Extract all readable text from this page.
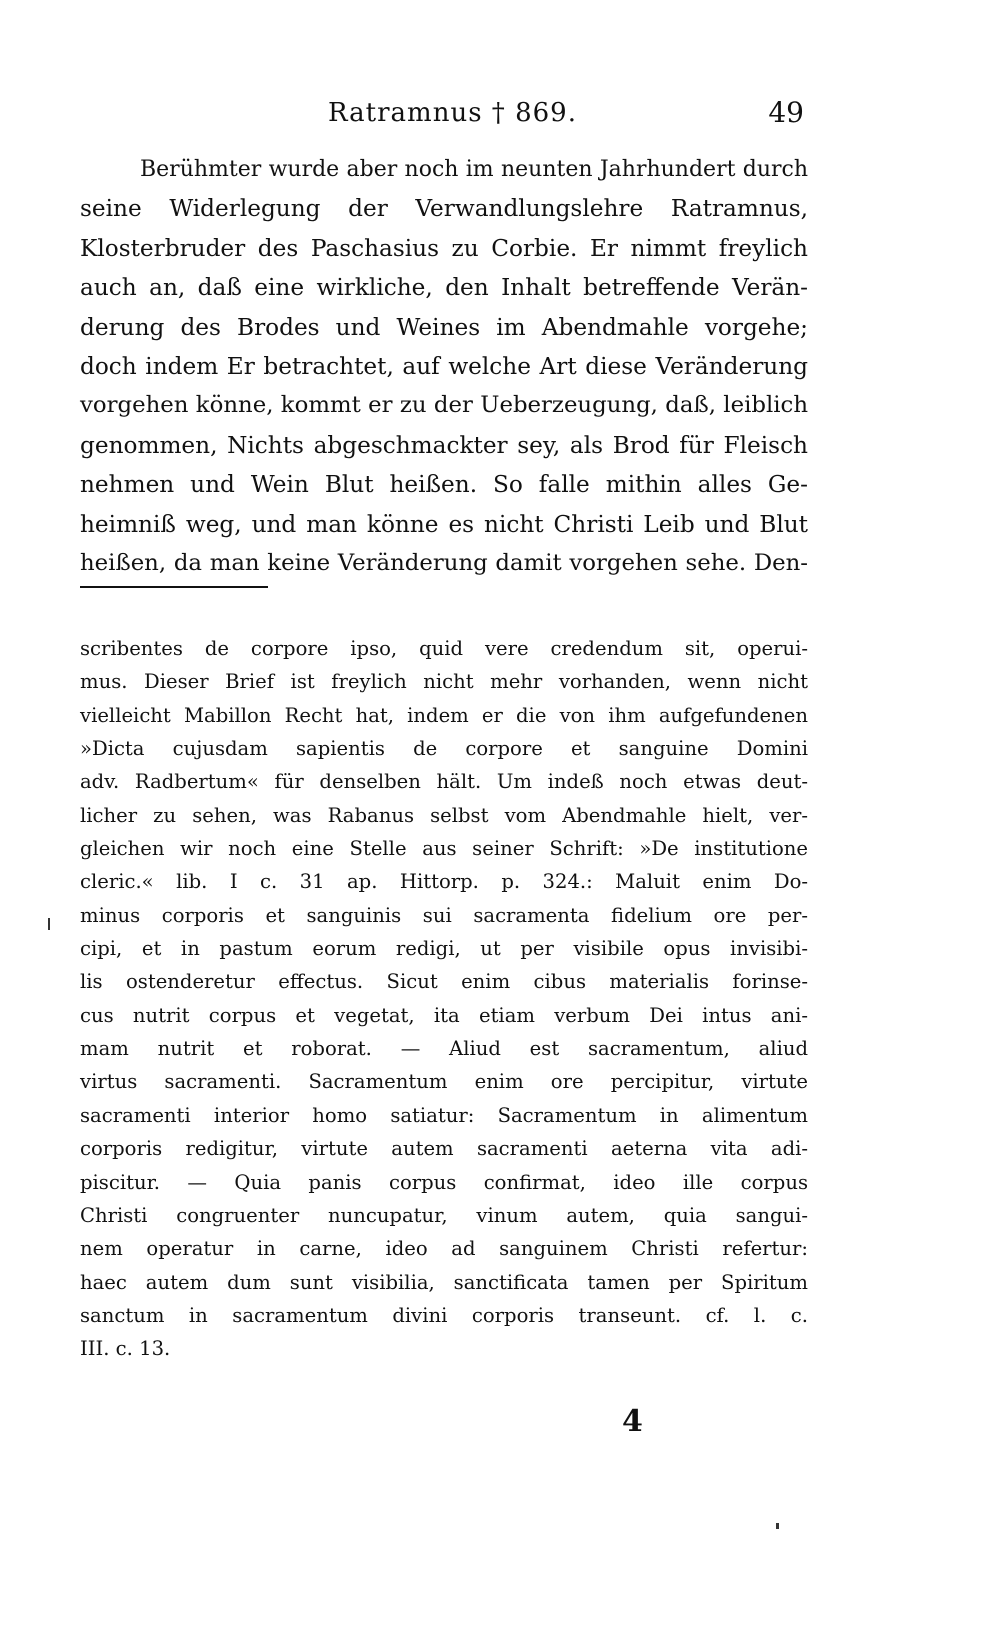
Ratramnus † 869.	49
Berühmter wurde aber noch im neunten Jahrhundert durch
seine Widerlegung der Verwandlungslehre Ratramnus,
Klosterbruder des Paschasius zu Corbie. Er nimmt freylich
auch an, daß eine wirkliche, den Inhalt betreffende Verän-
derung des Brodes und Weines im Abendmahle vorgehe;
doch indem Er betrachtet, auf welche Art diese Veränderung
vorgehen könne, kommt er zu der Ueberzeugung, daß, leiblich
genommen, Nichts abgeschmackter sey, als Brod für Fleisch
nehmen und Wein Blut heißen. So falle mithin alles Ge-
heimniß weg, und man könne es nicht Christi Leib und Blut
heißen, da man keine Veränderung damit vorgehen sehe. Den-
scribentes de corpore ipso, quid vere credendum sit, operui-
mus. Dieser Brief ist freylich nicht mehr vorhanden, wenn nicht
vielleicht Mabillon Recht hat, indem er die von ihm aufgefundenen
»Dicta cujusdam sapientis de corpore et sanguine Domini
adv. Radbertum« für denselben hält. Um indeß noch etwas deut-
licher zu sehen, was Rabanus selbst vom Abendmahle hielt, ver-
gleichen wir noch eine Stelle aus seiner Schrift: »De institutione
cleric.« lib. I c. 31 ap. Hittorp. p. 324.: Maluit enim Do-
minus corporis et sanguinis sui sacramenta fidelium ore per-
cipi, et in pastum eorum redigi, ut per visibile opus invisibi-
lis ostenderetur effectus. Sicut enim cibus materialis forinse-
cus nutrit corpus et vegetat, ita etiam verbum Dei intus ani-
mam nutrit et roborat. — Aliud est sacramentum, aliud
virtus sacramenti. Sacramentum enim ore percipitur, virtute
sacramenti interior homo satiatur: Sacramentum in alimentum
corporis redigitur, virtute autem sacramenti aeterna vita adi-
piscitur. — Quia panis corpus confirmat, ideo ille corpus
Christi congruenter nuncupatur, vinum autem, quia sangui-
nem operatur in carne, ideo ad sanguinem Christi refertur:
haec autem dum sunt visibilia, sanctificata tamen per Spiritum
sanctum in sacramentum divini corporis transeunt. cf. l. c.
III. c. 13.
4
